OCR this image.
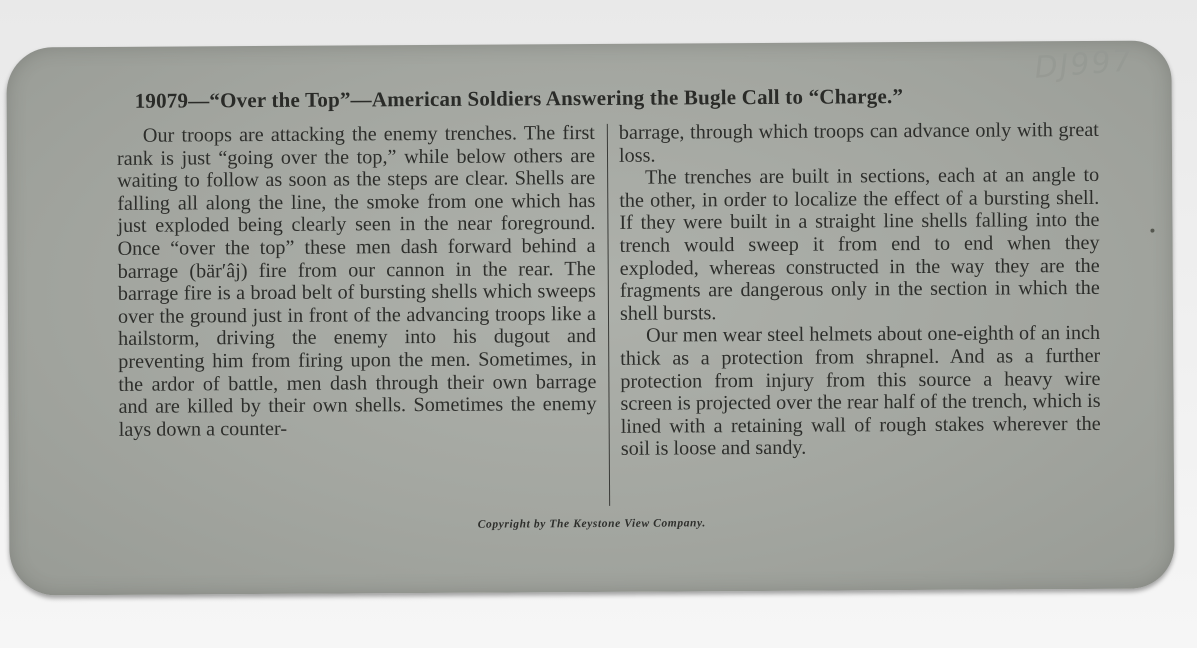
DJ997
19079—“Over the Top”—American Soldiers Answering the Bugle Call to “Charge.”

Our troops are attacking the enemy trenches. The first rank is just “going over the top,” while below others are waiting to follow as soon as the steps are clear. Shells are falling all along the line, the smoke from one which has just exploded being clearly seen in the near foreground. Once “over the top” these men dash forward behind a barrage (bär′âj) fire from our cannon in the rear. The barrage fire is a broad belt of bursting shells which sweeps over the ground just in front of the advancing troops like a hailstorm, driving the enemy into his dugout and preventing him from firing upon the men. Sometimes, in the ardor of battle, men dash through their own barrage and are killed by their own shells. Sometimes the enemy lays down a counter-

barrage, through which troops can advance only with great loss.

The trenches are built in sections, each at an angle to the other, in order to localize the effect of a bursting shell. If they were built in a straight line shells falling into the trench would sweep it from end to end when they exploded, whereas constructed in the way they are the fragments are dangerous only in the section in which the shell bursts.

Our men wear steel helmets about one-eighth of an inch thick as a protection from shrapnel. And as a further protection from injury from this source a heavy wire screen is projected over the rear half of the trench, which is lined with a retaining wall of rough stakes wherever the soil is loose and sandy.

Copyright by The Keystone View Company.
